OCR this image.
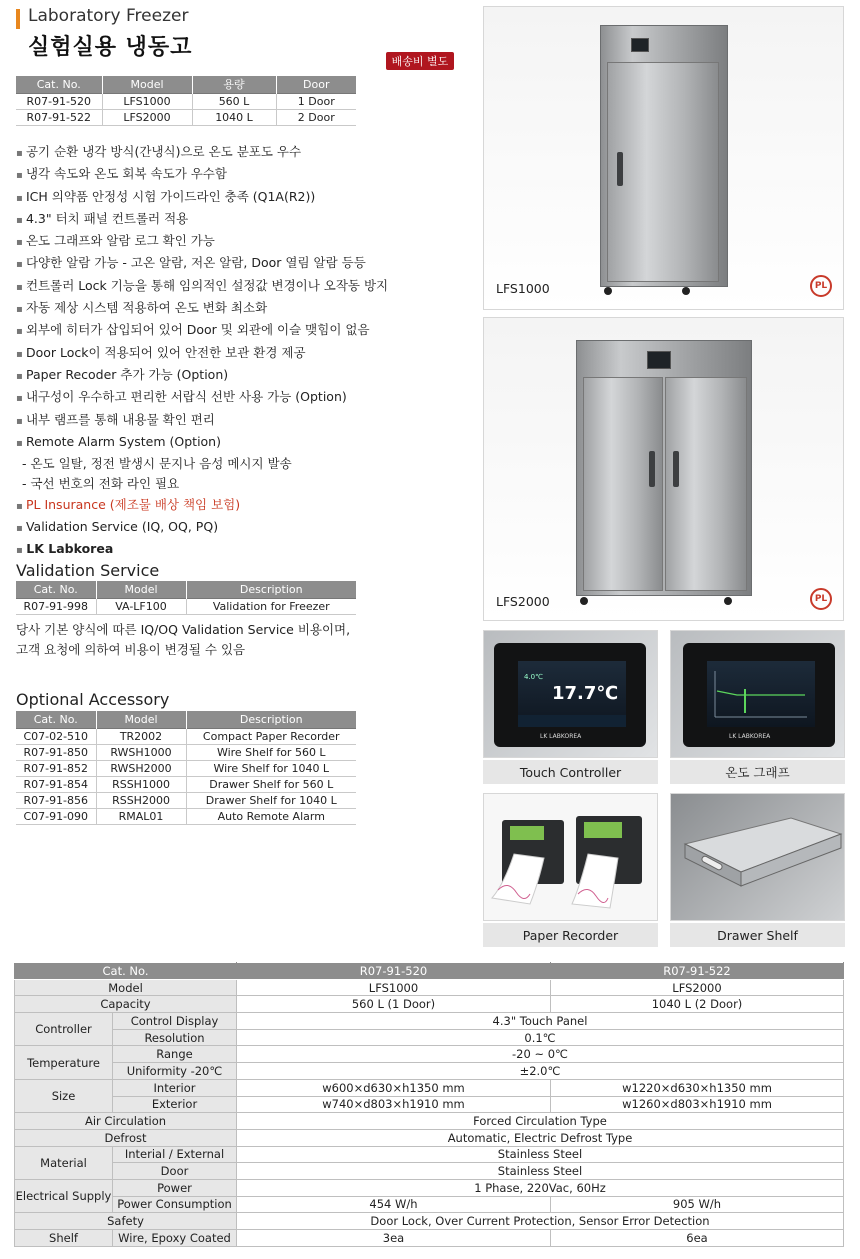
Laboratory Freezer
실험실용 냉동고
배송비 별도
Cat. No.	Model	용량	Door
R07-91-520	LFS1000	560 L	1 Door
R07-91-522	LFS2000	1040 L	2 Door
▪ 공기 순환 냉각 방식(간냉식)으로 온도 분포도 우수
▪ 냉각 속도와 온도 회복 속도가 우수함
▪ ICH 의약품 안정성 시험 가이드라인 충족 (Q1A(R2))
▪ 4.3" 터치 패널 컨트롤러 적용
▪ 온도 그래프와 알람 로그 확인 가능
▪ 다양한 알람 가능 - 고온 알람, 저온 알람, Door 열림 알람 등등
▪ 컨트롤러 Lock 기능을 통해 임의적인 설정값 변경이나 오작동 방지
▪ 자동 제상 시스템 적용하여 온도 변화 최소화
▪ 외부에 히터가 삽입되어 있어 Door 및 외관에 이슬 맺힘이 없음
▪ Door Lock이 적용되어 있어 안전한 보관 환경 제공
▪ Paper Recoder 추가 가능 (Option)
▪ 내구성이 우수하고 편리한 서랍식 선반 사용 가능 (Option)
▪ 내부 램프를 통해 내용물 확인 편리
▪ Remote Alarm System (Option)
- 온도 일탈, 정전 발생시 문지나 음성 메시지 발송
- 국선 번호의 전화 라인 필요
▪ PL Insurance (제조물 배상 책임 보험)
▪ Validation Service (IQ, OQ, PQ)
▪ LK Labkorea
Validation Service
Cat. No.	Model	Description
R07-91-998	VA-LF100	Validation for Freezer
당사 기본 양식에 따른 IQ/OQ Validation Service 비용이며,
고객 요청에 의하여 비용이 변경될 수 있음
Optional Accessory
Cat. No.	Model	Description
C07-02-510	TR2002	Compact Paper Recorder
R07-91-850	RWSH1000	Wire Shelf for 560 L
R07-91-852	RWSH2000	Wire Shelf for 1040 L
R07-91-854	RSSH1000	Drawer Shelf for 560 L
R07-91-856	RSSH2000	Drawer Shelf for 1040 L
C07-91-090	RMAL01	Auto Remote Alarm
LFS1000	PL
LFS2000	PL
4.0℃
17.7℃
LK LABKOREA
Touch Controller
LK LABKOREA
온도 그래프
Paper Recorder	Drawer Shelf
Cat. No.		R07-91-520	R07-91-522
Model		LFS1000	LFS2000
Capacity		560 L (1 Door)	1040 L (2 Door)
Controller	Control Display	4.3" Touch Panel	
	Resolution	0.1℃	
Temperature	Range	-20 ~ 0℃	
	Uniformity -20℃	±2.0℃	
Size	Interior	w600×d630×h1350 mm	w1220×d630×h1350 mm
	Exterior	w740×d803×h1910 mm	w1260×d803×h1910 mm
Air Circulation		Forced Circulation Type	
Defrost		Automatic, Electric Defrost Type	
Material	Interial / External	Stainless Steel	
	Door	Stainless Steel	
Electrical Supply	Power	1 Phase, 220Vac, 60Hz	
	Power Consumption	454 W/h	905 W/h
Safety		Door Lock, Over Current Protection, Sensor Error Detection	
Shelf	Wire, Epoxy Coated	3ea	6ea
